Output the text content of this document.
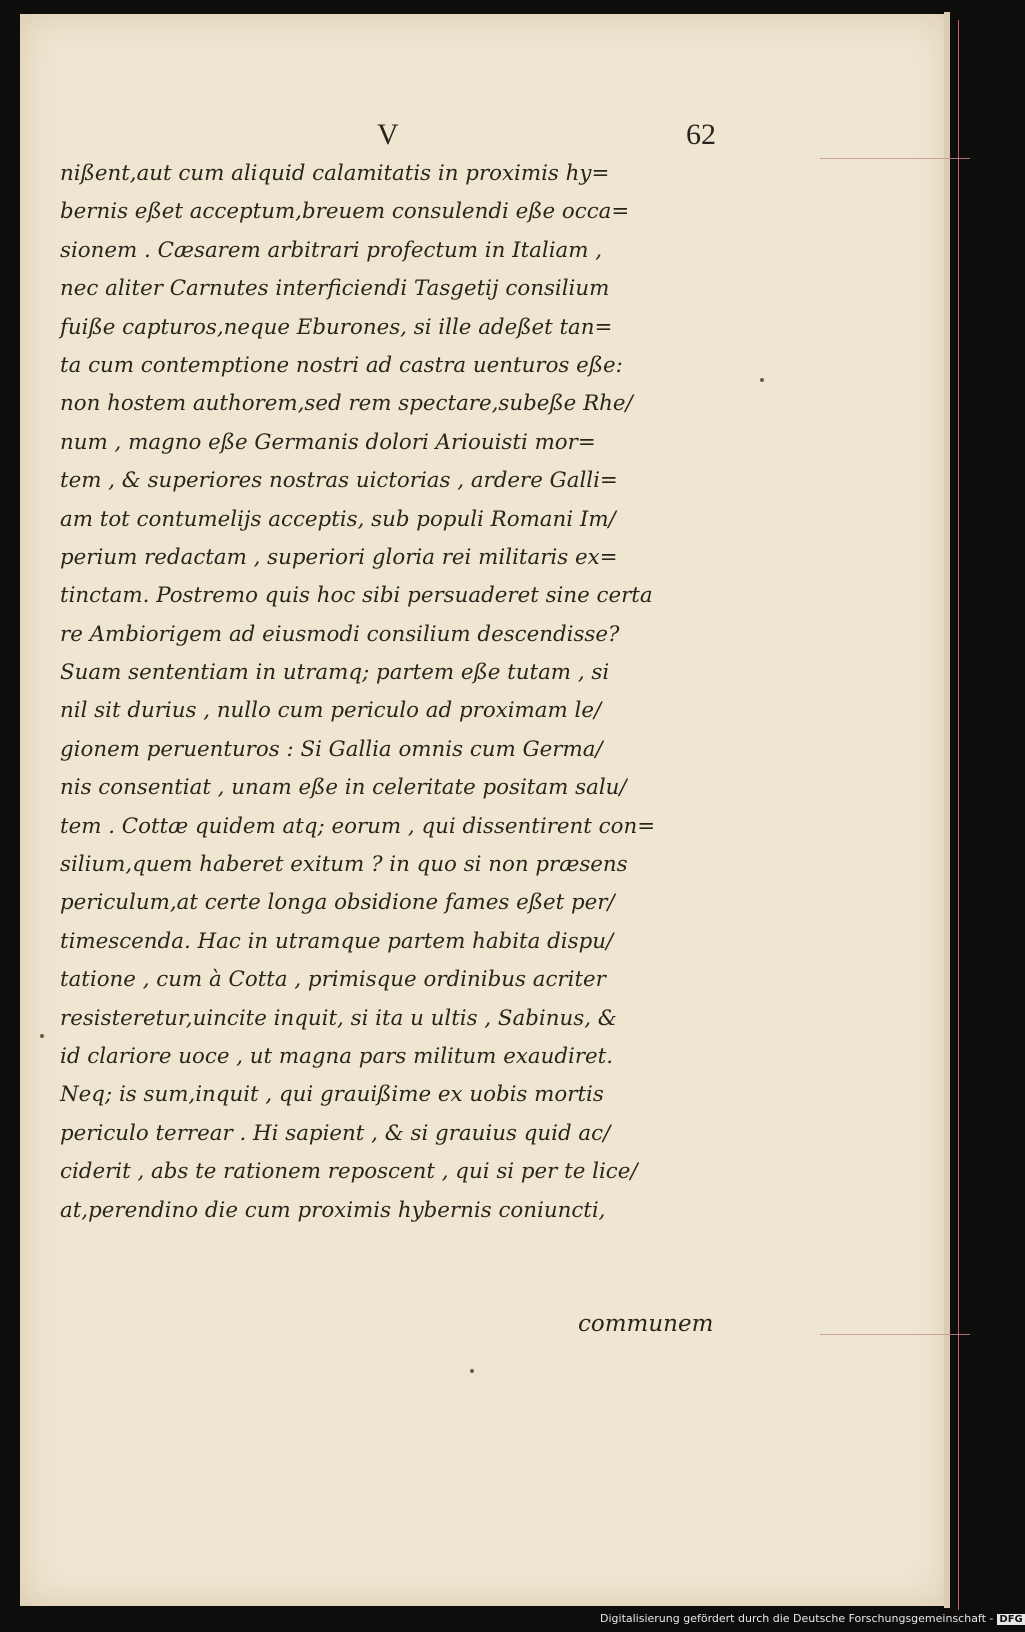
V	62
nißent,aut cum aliquid calamitatis in proximis hy=
bernis eßet acceptum,breuem consulendi eße occa=
sionem . Cæsarem arbitrari profectum in Italiam ,
nec aliter Carnutes interficiendi Tasgetij consilium
fuiße capturos,neque Eburones, si ille adeßet tan=
ta cum contemptione nostri ad castra uenturos eße:
non hostem authorem,sed rem spectare,subeße Rhe/
num , magno eße Germanis dolori Ariouisti mor=
tem , & superiores nostras uictorias , ardere Galli=
am tot contumelijs acceptis, sub populi Romani Im/
perium redactam , superiori gloria rei militaris ex=
tinctam. Postremo quis hoc sibi persuaderet sine certa
re Ambiorigem ad eiusmodi consilium descendisse?
Suam sententiam in utramq; partem eße tutam , si
nil sit durius , nullo cum periculo ad proximam le/
gionem peruenturos : Si Gallia omnis cum Germa/
nis consentiat , unam eße in celeritate positam salu/
tem . Cottæ quidem atq; eorum , qui dissentirent con=
silium,quem haberet exitum ? in quo si non præsens
periculum,at certe longa obsidione fames eßet per/
timescenda. Hac in utramque partem habita dispu/
tatione , cum à Cotta , primisque ordinibus acriter
resisteretur,uincite inquit, si ita u ultis , Sabinus, &
id clariore uoce , ut magna pars militum exaudiret.
Neq; is sum,inquit , qui grauißime ex uobis mortis
periculo terrear . Hi sapient , & si grauius quid ac/
ciderit , abs te rationem reposcent , qui si per te lice/
at,perendino die cum proximis hybernis coniuncti,
communem
Digitalisierung gefördert durch die Deutsche Forschungsgemeinschaft - DFG
